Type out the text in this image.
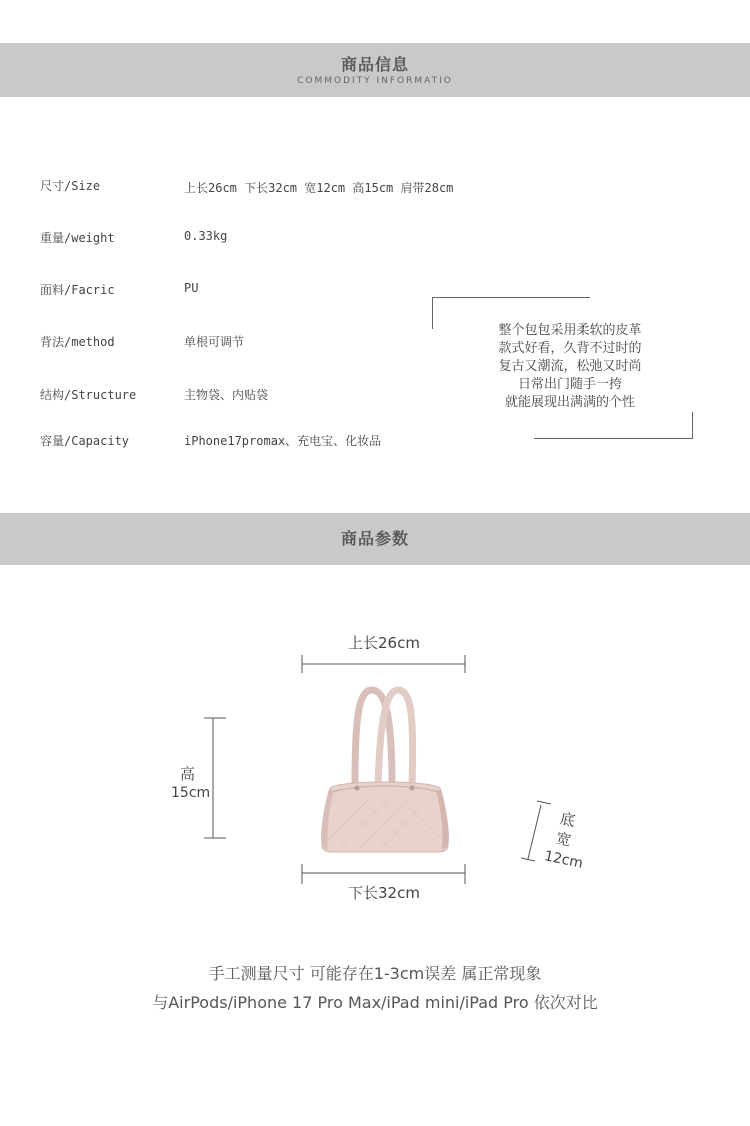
商品信息
COMMODITY INFORMATIO
尺寸/Size	上长26cm 下长32cm 宽12cm 高15cm 肩带28cm
重量/weight	0.33kg
面料/Facric	PU
背法/method	单根可调节
结构/Structure	主物袋、内贴袋
容量/Capacity	iPhone17promax、充电宝、化妆品
整个包包采用柔软的皮革
款式好看，久背不过时的
复古又潮流，松弛又时尚
日常出门随手一挎
就能展现出满满的个性
商品参数
上长26cm
高
15cm
底宽
12cm
下长32cm
手工测量尺寸 可能存在1-3cm误差 属正常现象
与AirPods/iPhone 17 Pro Max/iPad mini/iPad Pro 依次对比
